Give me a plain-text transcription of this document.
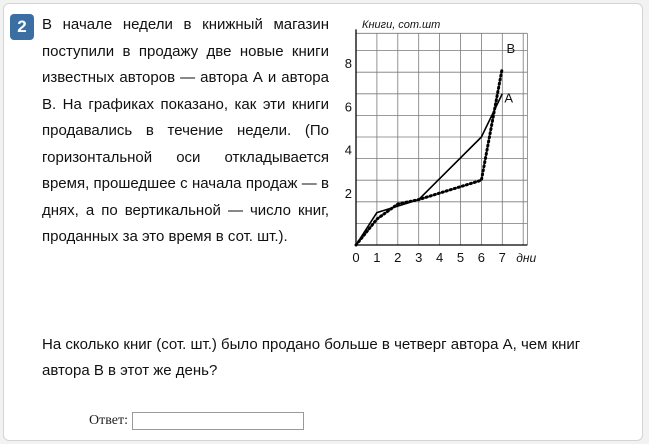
2	В начале недели в книжный магазин поступили в продажу две новые книги известных авторов — автора А и автора В. На графиках показано, как эти книги продавались в течение недели. (По горизонтальной оси откладывается время, прошедшее с начала продаж — в днях, а по вертикальной — число книг, проданных за это время в сот. шт.).

Книги, сот.шт
2
4
6
8
0 1 2 3 4 5 6 7 дни
А
В

На сколько книг (сот. шт.) было продано больше в четверг автора А, чем книг автора В в этот же день?

Ответ:
